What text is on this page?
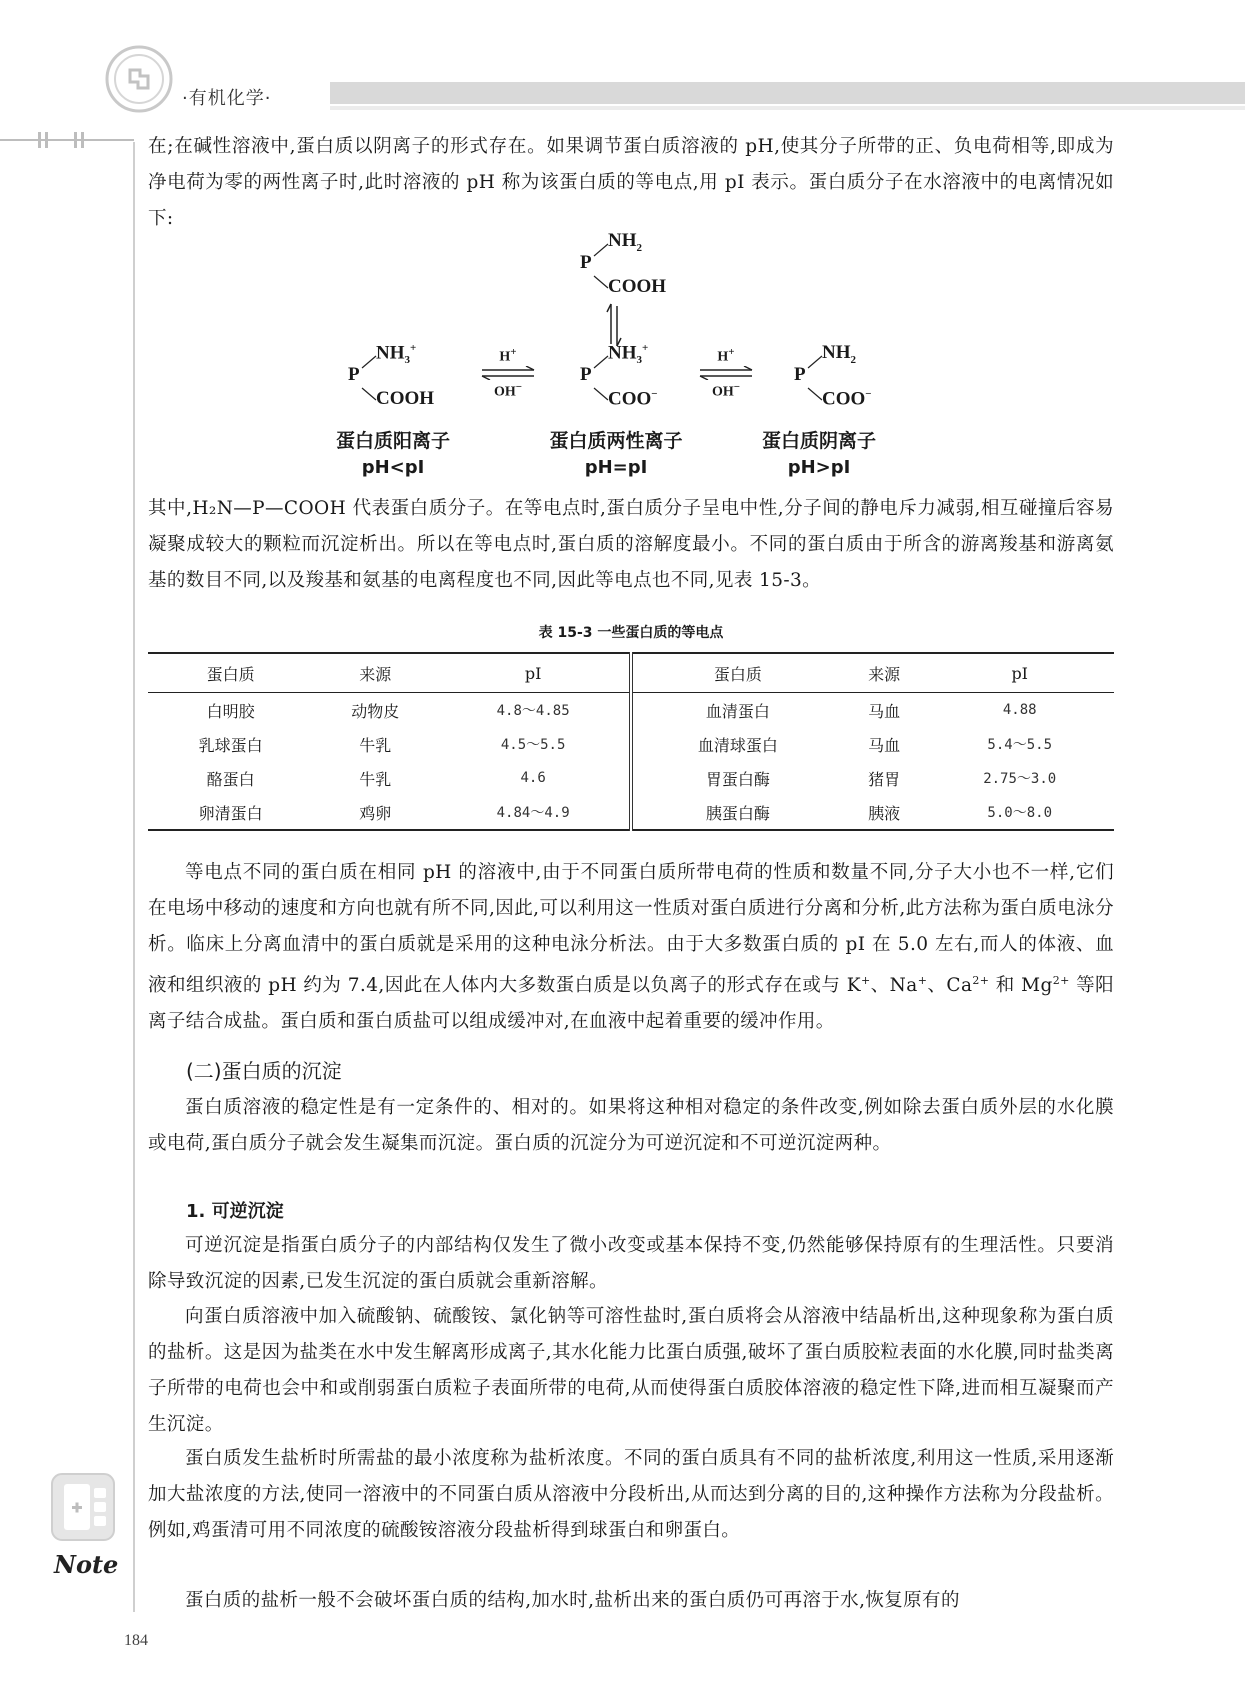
·有机化学·
在;在碱性溶液中,蛋白质以阴离子的形式存在。如果调节蛋白质溶液的 pH,使其分子所带的正、负电荷相等,即成为净电荷为零的两性离子时,此时溶液的 pH 称为该蛋白质的等电点,用 pI 表示。蛋白质分子在水溶液中的电离情况如下:
$NH_2$
P
COOH
$NH_3^+$
P
COOH
H+
OH−
$NH_3^+$
P
COO−
H+
OH−
$NH_2$
P
COO−
蛋白质阳离子	蛋白质两性离子	蛋白质阴离子
pH<pI	pH=pI	pH>pI
其中,H₂N—P—COOH 代表蛋白质分子。在等电点时,蛋白质分子呈电中性,分子间的静电斥力减弱,相互碰撞后容易凝聚成较大的颗粒而沉淀析出。所以在等电点时,蛋白质的溶解度最小。不同的蛋白质由于所含的游离羧基和游离氨基的数目不同,以及羧基和氨基的电离程度也不同,因此等电点也不同,见表 15-3。
表 15-3 一些蛋白质的等电点
蛋白质	来源	pI	蛋白质	来源	pI
白明胶	动物皮	4.8～4.85	血清蛋白	马血	4.88
乳球蛋白	牛乳	4.5～5.5	血清球蛋白	马血	5.4～5.5
酪蛋白	牛乳	4.6	胃蛋白酶	猪胃	2.75～3.0
卵清蛋白	鸡卵	4.84～4.9	胰蛋白酶	胰液	5.0～8.0
等电点不同的蛋白质在相同 pH 的溶液中,由于不同蛋白质所带电荷的性质和数量不同,分子大小也不一样,它们在电场中移动的速度和方向也就有所不同,因此,可以利用这一性质对蛋白质进行分离和分析,此方法称为蛋白质电泳分析。临床上分离血清中的蛋白质就是采用的这种电泳分析法。由于大多数蛋白质的 pI 在 5.0 左右,而人的体液、血液和组织液的 pH 约为 7.4,因此在人体内大多数蛋白质是以负离子的形式存在或与 K+、Na+、$Ca^{2+}$ 和 $Mg^{2+}$ 等阳离子结合成盐。蛋白质和蛋白质盐可以组成缓冲对,在血液中起着重要的缓冲作用。
(二)蛋白质的沉淀
蛋白质溶液的稳定性是有一定条件的、相对的。如果将这种相对稳定的条件改变,例如除去蛋白质外层的水化膜或电荷,蛋白质分子就会发生凝集而沉淀。蛋白质的沉淀分为可逆沉淀和不可逆沉淀两种。
1. 可逆沉淀
可逆沉淀是指蛋白质分子的内部结构仅发生了微小改变或基本保持不变,仍然能够保持原有的生理活性。只要消除导致沉淀的因素,已发生沉淀的蛋白质就会重新溶解。
向蛋白质溶液中加入硫酸钠、硫酸铵、氯化钠等可溶性盐时,蛋白质将会从溶液中结晶析出,这种现象称为蛋白质的盐析。这是因为盐类在水中发生解离形成离子,其水化能力比蛋白质强,破坏了蛋白质胶粒表面的水化膜,同时盐类离子所带的电荷也会中和或削弱蛋白质粒子表面所带的电荷,从而使得蛋白质胶体溶液的稳定性下降,进而相互凝聚而产生沉淀。
蛋白质发生盐析时所需盐的最小浓度称为盐析浓度。不同的蛋白质具有不同的盐析浓度,利用这一性质,采用逐渐加大盐浓度的方法,使同一溶液中的不同蛋白质从溶液中分段析出,从而达到分离的目的,这种操作方法称为分段盐析。例如,鸡蛋清可用不同浓度的硫酸铵溶液分段盐析得到球蛋白和卵蛋白。
蛋白质的盐析一般不会破坏蛋白质的结构,加水时,盐析出来的蛋白质仍可再溶于水,恢复原有的
Note
184
